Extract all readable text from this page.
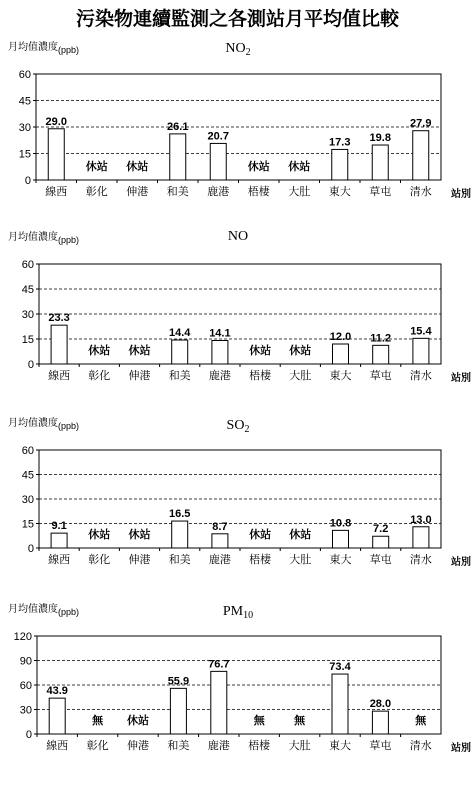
污染物連續監測之各測站月平均值比較
月均值濃度(ppb)	$NO_2$
0
15
30
45
60
29.0
線西
休站
彰化
休站
伸港
26.1
和美
20.7
鹿港
休站
梧棲
休站
大肚
17.3
東大
19.8
草屯
27.9
清水 站別
月均值濃度(ppb)	NO
0
15
30
45
60
23.3
線西
休站
彰化
休站
伸港
14.4
和美
14.1
鹿港
休站
梧棲
休站
大肚
12.0
東大
11.2
草屯
15.4
清水 站別
月均值濃度(ppb)	$SO_2$
0
15
30
45
60
9.1
線西
休站
彰化
休站
伸港
16.5
和美
8.7
鹿港
休站
梧棲
休站
大肚
10.8
東大
7.2
草屯
13.0
清水 站別
月均值濃度(ppb)	$PM_{10}$
0
30
60
90
120
43.9
線西
無
彰化
休站
伸港
55.9
和美
76.7
鹿港
無
梧棲
無
大肚
73.4
東大
28.0
草屯
無
清水 站別
